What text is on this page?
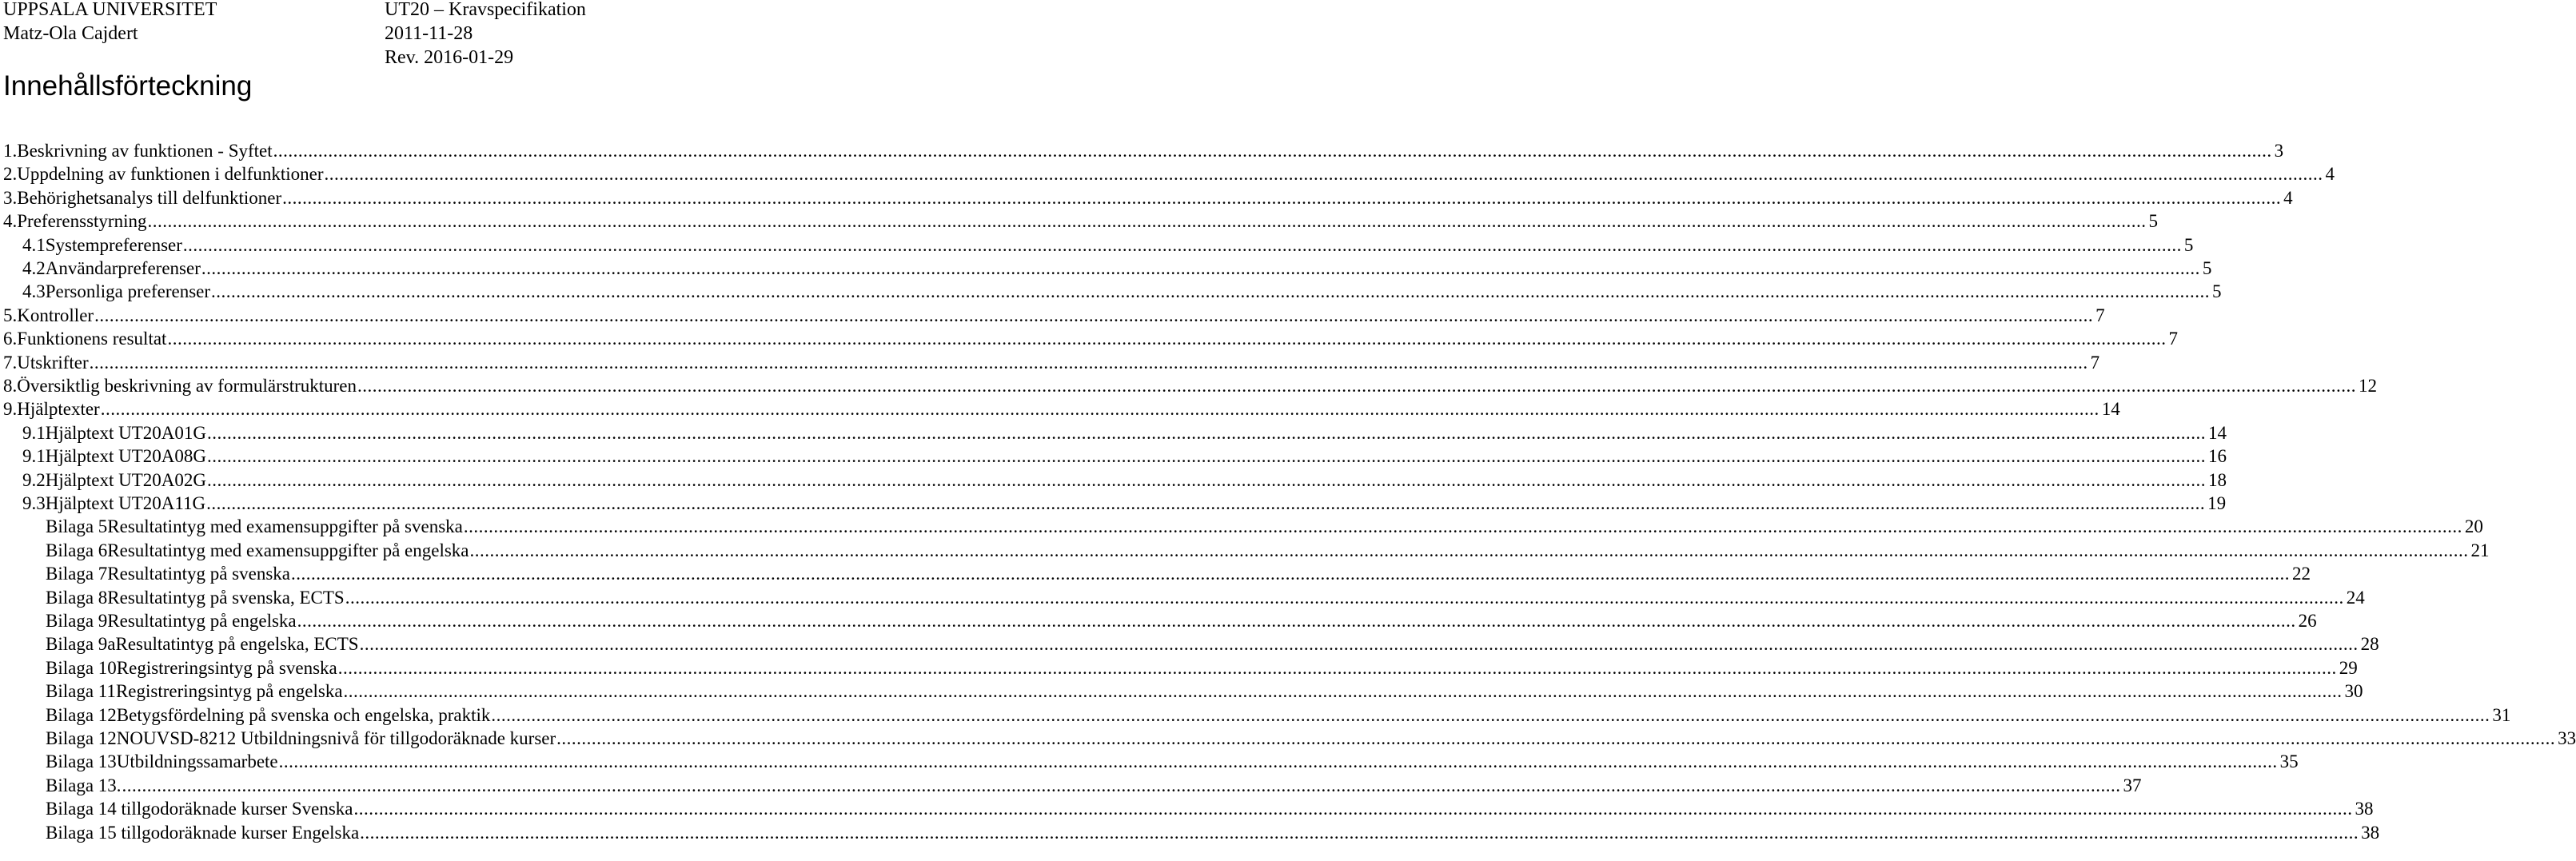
UPPSALA UNIVERSITET
Matz-Ola Cajdert
UT20 – Kravspecifikation
2011-11-28
Rev. 2016-01-29
Innehållsförteckning
1. Beskrivning av funktionen - Syftet ................................................................................................................................................................................................................................................................................................................................................................................................................ 3
2. Uppdelning av funktionen i delfunktioner ................................................................................................................................................................................................................................................................................................................................................................................................................ 4
3. Behörighetsanalys till delfunktioner ................................................................................................................................................................................................................................................................................................................................................................................................................ 4
4. Preferensstyrning ................................................................................................................................................................................................................................................................................................................................................................................................................ 5
4.1 Systempreferenser ................................................................................................................................................................................................................................................................................................................................................................................................................ 5
4.2 Användarpreferenser ................................................................................................................................................................................................................................................................................................................................................................................................................ 5
4.3 Personliga preferenser ................................................................................................................................................................................................................................................................................................................................................................................................................ 5
5. Kontroller ................................................................................................................................................................................................................................................................................................................................................................................................................ 7
6. Funktionens resultat ................................................................................................................................................................................................................................................................................................................................................................................................................ 7
7. Utskrifter ................................................................................................................................................................................................................................................................................................................................................................................................................ 7
8. Översiktlig beskrivning av formulärstrukturen ................................................................................................................................................................................................................................................................................................................................................................................................................ 12
9. Hjälptexter ................................................................................................................................................................................................................................................................................................................................................................................................................ 14
9.1 Hjälptext UT20A01G ................................................................................................................................................................................................................................................................................................................................................................................................................ 14
9.1 Hjälptext UT20A08G ................................................................................................................................................................................................................................................................................................................................................................................................................ 16
9.2 Hjälptext UT20A02G ................................................................................................................................................................................................................................................................................................................................................................................................................ 18
9.3 Hjälptext UT20A11G ................................................................................................................................................................................................................................................................................................................................................................................................................ 19
Bilaga 5 Resultatintyg med examensuppgifter på svenska ................................................................................................................................................................................................................................................................................................................................................................................................................ 20
Bilaga 6 Resultatintyg med examensuppgifter på engelska ................................................................................................................................................................................................................................................................................................................................................................................................................ 21
Bilaga 7 Resultatintyg på svenska ................................................................................................................................................................................................................................................................................................................................................................................................................ 22
Bilaga 8 Resultatintyg på svenska, ECTS ................................................................................................................................................................................................................................................................................................................................................................................................................ 24
Bilaga 9 Resultatintyg på engelska ................................................................................................................................................................................................................................................................................................................................................................................................................ 26
Bilaga 9a Resultatintyg på engelska, ECTS ................................................................................................................................................................................................................................................................................................................................................................................................................ 28
Bilaga 10 Registreringsintyg på svenska ................................................................................................................................................................................................................................................................................................................................................................................................................ 29
Bilaga 11 Registreringsintyg på engelska ................................................................................................................................................................................................................................................................................................................................................................................................................ 30
Bilaga 12 Betygsfördelning på svenska och engelska, praktik ................................................................................................................................................................................................................................................................................................................................................................................................................ 31
Bilaga 12 NOUVSD-8212 Utbildningsnivå för tillgodoräknade kurser ................................................................................................................................................................................................................................................................................................................................................................................................................ 33
Bilaga 13 Utbildningssamarbete ................................................................................................................................................................................................................................................................................................................................................................................................................ 35
Bilaga 13. ................................................................................................................................................................................................................................................................................................................................................................................................................ 37
Bilaga 14 tillgodoräknade kurser Svenska ................................................................................................................................................................................................................................................................................................................................................................................................................ 38
Bilaga 15 tillgodoräknade kurser Engelska ................................................................................................................................................................................................................................................................................................................................................................................................................ 38
